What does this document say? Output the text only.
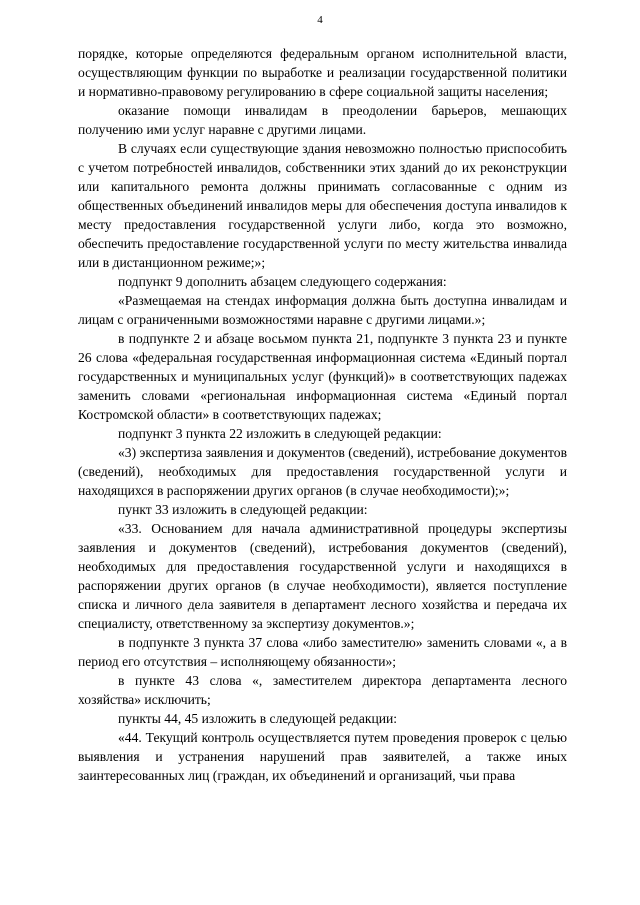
4

порядке, которые определяются федеральным органом исполнительной власти, осуществляющим функции по выработке и реализации государственной политики и нормативно-правовому регулированию в сфере социальной защиты населения;

оказание помощи инвалидам в преодолении барьеров, мешающих получению ими услуг наравне с другими лицами.

В случаях если существующие здания невозможно полностью приспособить с учетом потребностей инвалидов, собственники этих зданий до их реконструкции или капитального ремонта должны принимать согласованные с одним из общественных объединений инвалидов меры для обеспечения доступа инвалидов к месту предоставления государственной услуги либо, когда это возможно, обеспечить предоставление государственной услуги по месту жительства инвалида или в дистанционном режиме;»;

подпункт 9 дополнить абзацем следующего содержания:

«Размещаемая на стендах информация должна быть доступна инвалидам и лицам с ограниченными возможностями наравне с другими лицами.»;

в подпункте 2 и абзаце восьмом пункта 21, подпункте 3 пункта 23 и пункте 26 слова «федеральная государственная информационная система «Единый портал государственных и муниципальных услуг (функций)» в соответствующих падежах заменить словами «региональная информационная система «Единый портал Костромской области» в соответствующих падежах;

подпункт 3 пункта 22 изложить в следующей редакции:

«3) экспертиза заявления и документов (сведений), истребование документов (сведений), необходимых для предоставления государственной услуги и находящихся в распоряжении других органов (в случае необходимости);»;

пункт 33 изложить в следующей редакции:

«33. Основанием для начала административной процедуры экспертизы заявления и документов (сведений), истребования документов (сведений), необходимых для предоставления государственной услуги и находящихся в распоряжении других органов (в случае необходимости), является поступление списка и личного дела заявителя в департамент лесного хозяйства и передача их специалисту, ответственному за экспертизу документов.»;

в подпункте 3 пункта 37 слова «либо заместителю» заменить словами «, а в период его отсутствия – исполняющему обязанности»;

в пункте 43 слова «, заместителем директора департамента лесного хозяйства» исключить;

пункты 44, 45 изложить в следующей редакции:

«44. Текущий контроль осуществляется путем проведения проверок с целью выявления и устранения нарушений прав заявителей, а также иных заинтересованных лиц (граждан, их объединений и организаций, чьи права
